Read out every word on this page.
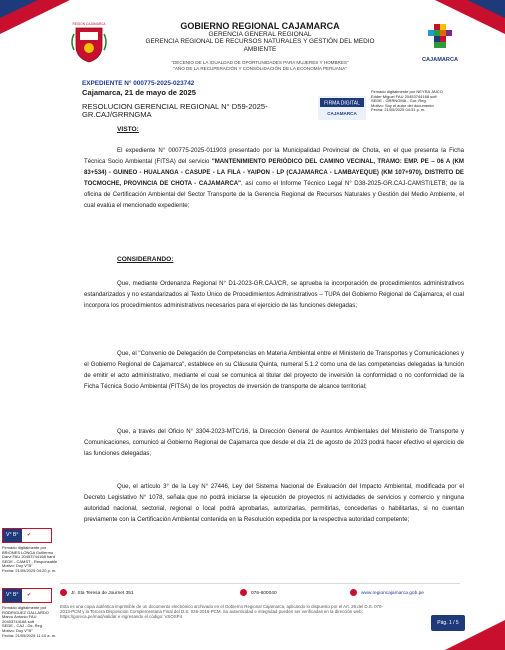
REGION CAJAMARCA	GOBIERNO REGIONAL CAJAMARCA
GERENCIA GENERAL REGIONAL
GERENCIA REGIONAL DE RECURSOS NATURALES Y GESTIÓN DEL MEDIO
AMBIENTE
CAJAMARCA
"DECENIO DE LA IGUALDAD DE OPORTUNIDADES PARA MUJERES Y HOMBRES"
"AÑO DE LA RECUPERACIÓN Y CONSOLIDACIÓN DE LA ECONOMÍA PERUANA"
EXPEDIENTE N° 000775-2025-023742
Cajamarca, 21 de mayo de 2025
RESOLUCION GERENCIAL REGIONAL N° D59-2025-
GR.CAJ/GRRNGMA
FIRMA DIGITAL
CAJAMARCA
Firmado digitalmente por NEYRA JAICO
Edder Miguel FAU 20453744168 soft
SEDE - GRRNGMA - Gor. Reg.
Motivo: Soy el autor del documento
Fecha: 21/05/2025 04:31 p. m.
VISTO:
El expediente N° 000775-2025-011903 presentado por la Municipalidad Provincial de Chota, en el que presenta la Ficha Técnica Socio Ambiental (FITSA) del servicio "MANTENIMIENTO PERIÓDICO DEL CAMINO VECINAL, TRAMO: EMP. PE – 06 A (KM 83+534) - GUINEO - HUALANGA - CASUPE - LA FILA - YAIPON - LP (CAJAMARCA - LAMBAYEQUE) (KM 107+970), DISTRITO DE TOCMOCHE, PROVINCIA DE CHOTA - CAJAMARCA", así como el Informe Técnico Legal N° D38-2025-GR.CAJ-CAMST/LETB; de la oficina de Certificación Ambiental del Sector Transporte de la Gerencia Regional de Recursos Naturales y Gestión del Medio Ambiente, el cual evalúa el mencionado expediente;
CONSIDERANDO:
Que, mediante Ordenanza Regional N° D1-2023-GR.CAJ/CR, se aprueba la incorporación de procedimientos administrativos estandarizados y no estandarizados al Texto Único de Procedimientos Administrativos – TUPA del Gobierno Regional de Cajamarca, el cual incorpora los procedimientos administrativos necesarios para el ejercicio de las funciones delegadas;
Que, el "Convenio de Delegación de Competencias en Materia Ambiental entre el Ministerio de Transportes y Comunicaciones y el Gobierno Regional de Cajamarca", establece en su Cláusula Quinta, numeral 5.1.2 como una de las competencias delegadas la función de emitir el acto administrativo, mediante el cual se comunica al titular del proyecto de inversión la conformidad o no conformidad de la Ficha Técnica Socio Ambiental (FITSA) de los proyectos de inversión de transporte de alcance territorial;
Que, a través del Oficio N° 3304-2023-MTC/16, la Dirección General de Asuntos Ambientales del Ministerio de Transporte y Comunicaciones, comunicó al Gobierno Regional de Cajamarca que desde el día 21 de agosto de 2023 podrá hacer efectivo el ejercicio de las funciones delegadas;
Que, el artículo 3° de la Ley N° 27446, Ley del Sistema Nacional de Evaluación del Impacto Ambiental, modificada por el Decreto Legislativo N° 1078, señala que no podrá iniciarse la ejecución de proyectos ni actividades de servicios y comercio y ninguna autoridad nacional, sectorial, regional o local podrá aprobarlas, autorizarlas, permitirlas, concederlas o habilitarlas, si no cuentan previamente con la Certificación Ambiental contenida en la Resolución expedida por la respectiva autoridad competente;
V° B° ✔
Firmado digitalmente por
BRIONES LONGA Guillermo
Darvi FAU 20453744168 hard
SEDE - CAMST - Responsable
Motivo: Doy V°B°
Fecha: 21/05/2025 04:20 p. m.
V° B° ✔
Firmado digitalmente por
RODRIGUEZ GALLARDO
Marco Antonio FAU
20453744168 soft
SEDE - CAJ - Dir. Reg.
Motivo: Doy V°B°
Fecha: 21/05/2025 11:10 a. m.
Jr. Sta Teresa de Journet 351	076-600040	www.regioncajamarca.gob.pe
Esta es una copia auténtica imprimible de un documento electrónico archivado en el Gobierno Regional Cajamarca, aplicando lo dispuesto por el Art. 25 del D.S. 070-2013-PCM y la Tercera Disposición Complementaria Final del D.S. 026-2016-PCM. Su autenticidad e integridad pueden ser verificadas en la dirección web: https://goreca.pe/mad/validar e ingresando el código: VSOSP4
Pág. 1 / 5
